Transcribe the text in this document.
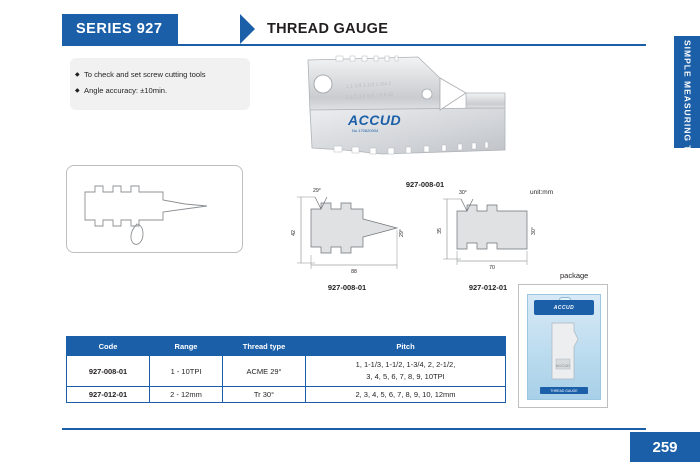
SERIES 927	THREAD GAUGE
SIMPLE MEASURING TOOL
◆ To check and set screw cutting tools
◆ Angle accuracy: ±10min.
1 1-1/3 1-1/2 1-3/4 2
2-1/2 3 4 5 6 7 8 9 10
ACCUD
No.170620004
927-008-01
unit:mm
42
88
29°
29°	35
70
30°
30°
927-008-01	927-012-01
package
ACCUD
ACCUD
THREAD GAUGE
Code	Range	Thread type	Pitch
927-008-01	1 - 10TPI	ACME 29°	1, 1-1/3, 1-1/2, 1-3/4, 2, 2-1/2,
3, 4, 5, 6, 7, 8, 9, 10TPI

927-012-01	2 - 12mm	Tr 30°	2, 3, 4, 5, 6, 7, 8, 9, 10, 12mm
259
